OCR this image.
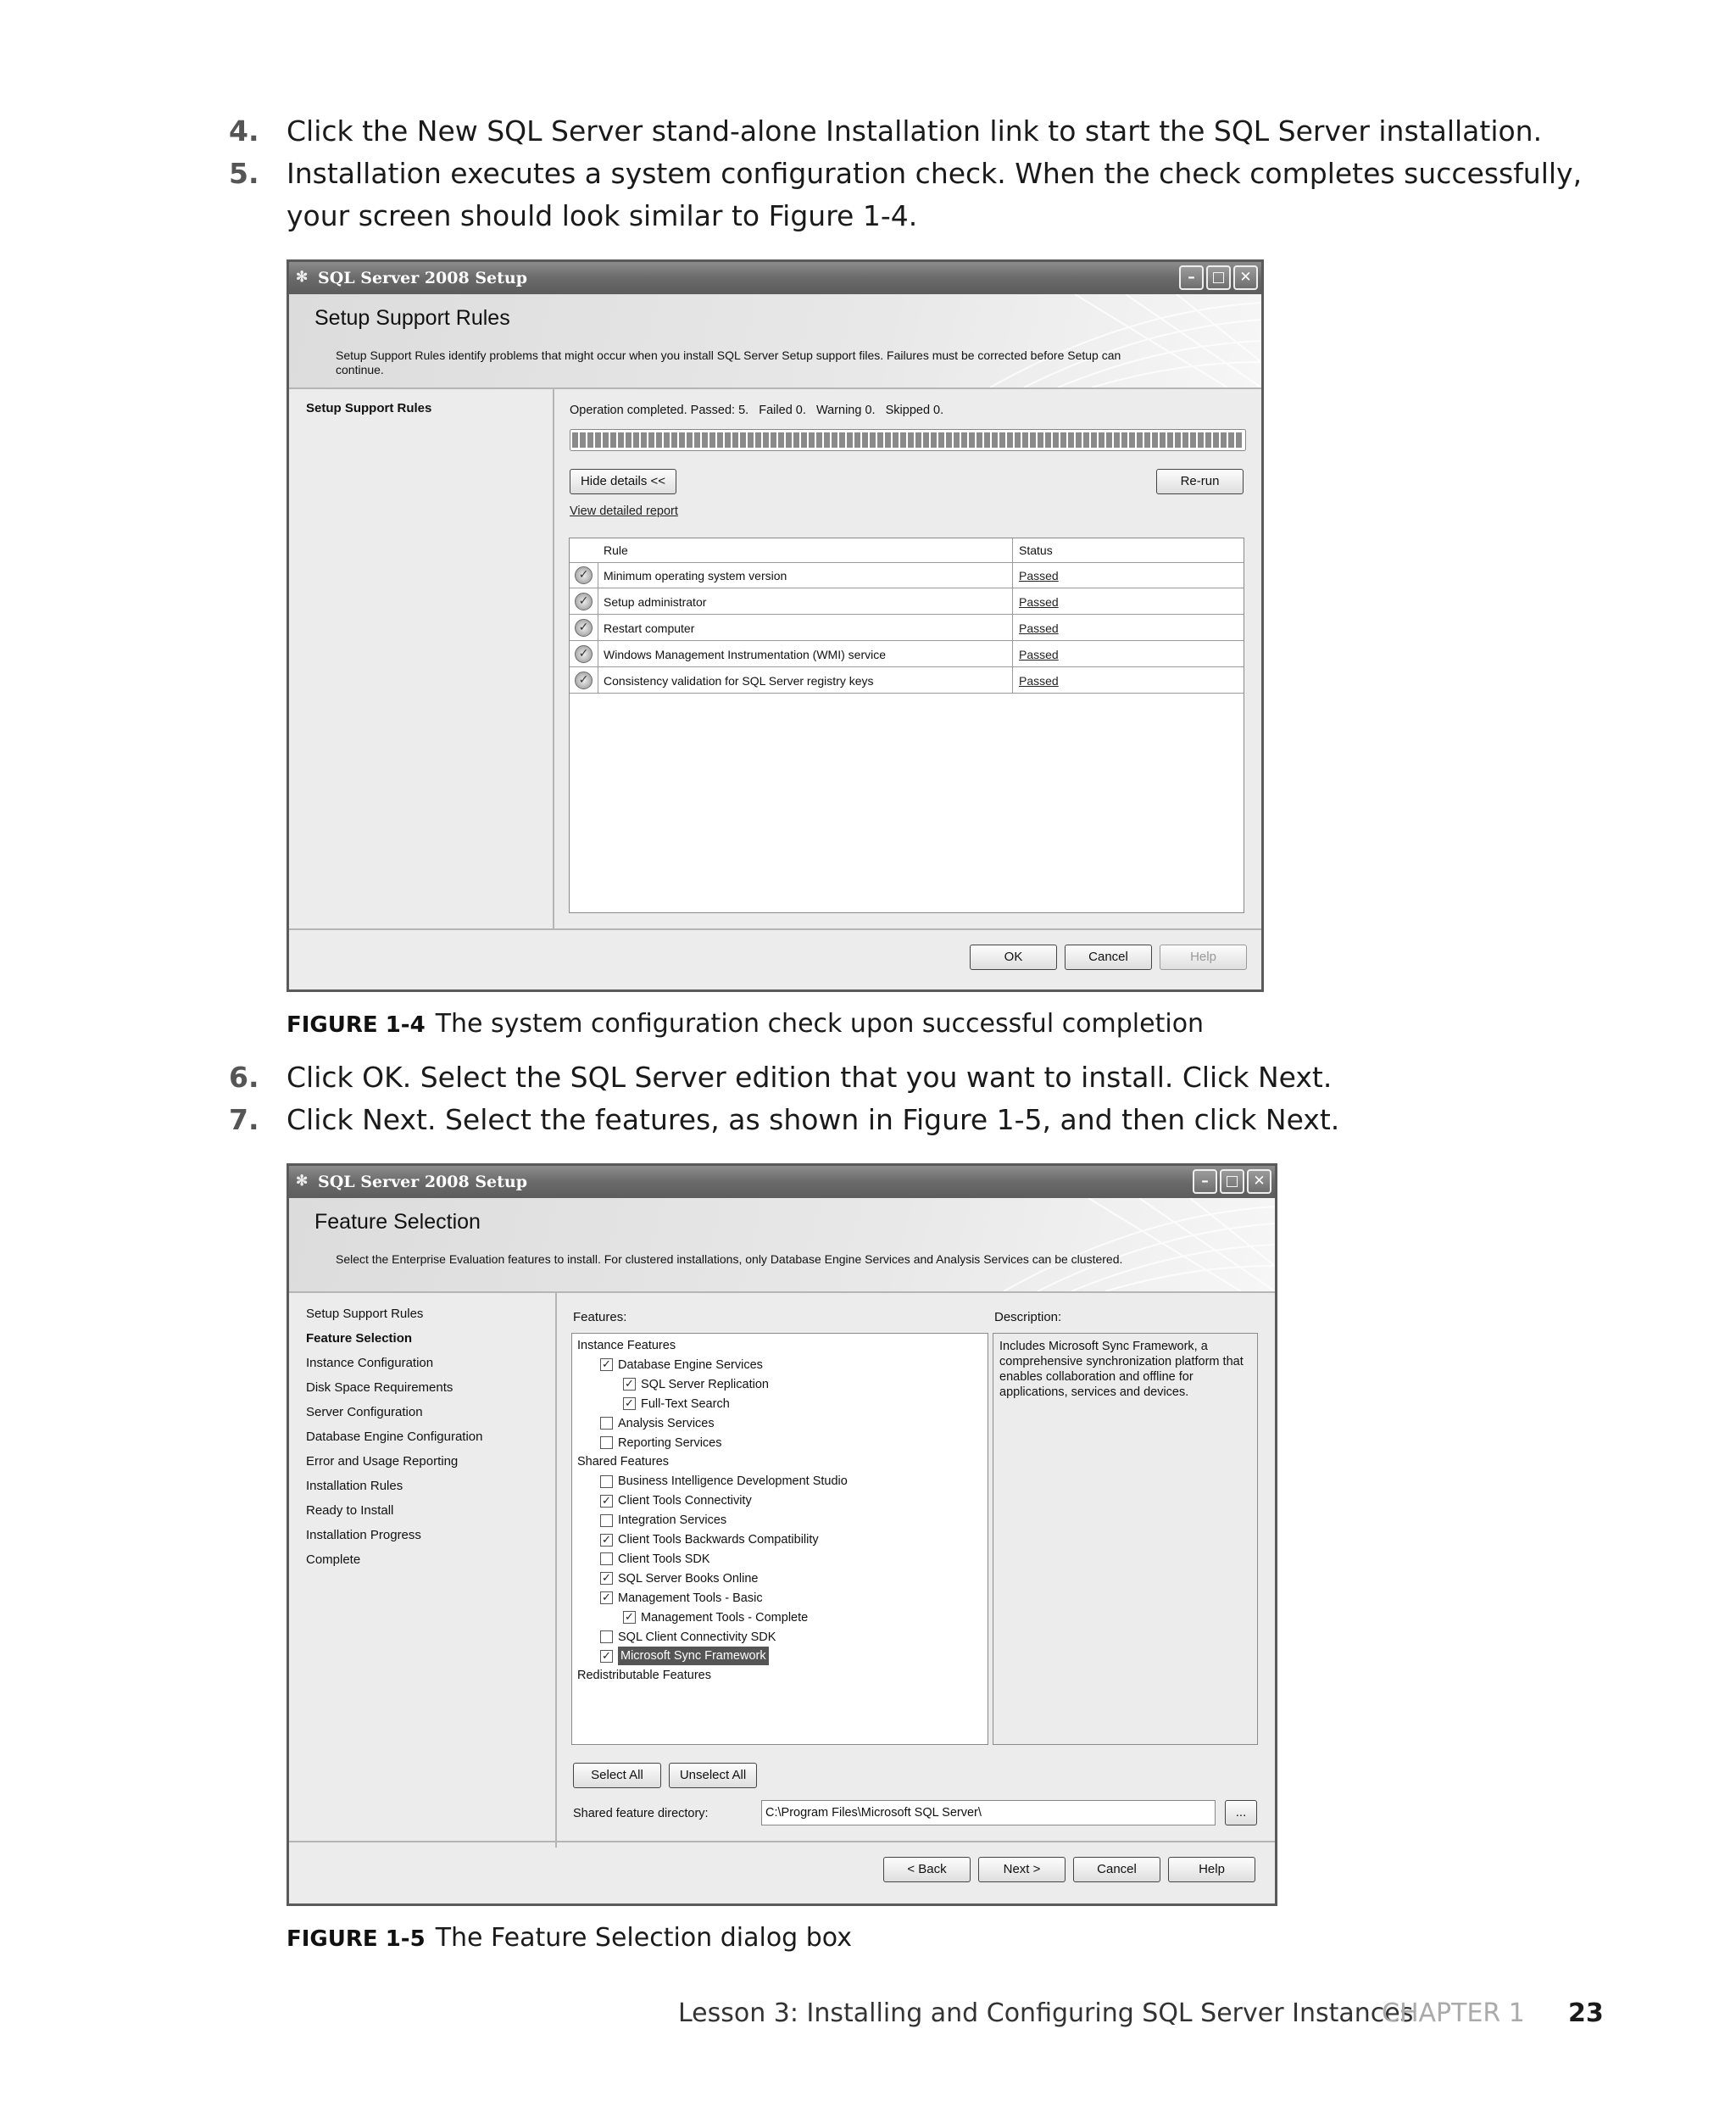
4. Click the New SQL Server stand-alone Installation link to start the SQL Server installation.
5. Installation executes a system configuration check. When the check completes successfully,
your screen should look similar to Figure 1-4.
✻ SQL Server 2008 Setup	–	□ ✕
Setup Support Rules
Setup Support Rules identify problems that might occur when you install SQL Server Setup support files. Failures must be corrected before Setup can continue.
Setup Support Rules	Operation completed. Passed: 5.   Failed 0.   Warning 0.   Skipped 0.
Hide details <<	Re-run
View detailed report
Rule	Status
✓	Minimum operating system version	Passed
✓	Setup administrator	Passed
✓	Restart computer	Passed
✓	Windows Management Instrumentation (WMI) service	Passed
✓	Consistency validation for SQL Server registry keys	Passed
OK	Cancel	Help
FIGURE 1-4 The system configuration check upon successful completion
6. Click OK. Select the SQL Server edition that you want to install. Click Next.
7. Click Next. Select the features, as shown in Figure 1-5, and then click Next.
✻ SQL Server 2008 Setup	–	□ ✕
Feature Selection
Select the Enterprise Evaluation features to install. For clustered installations, only Database Engine Services and Analysis Services can be clustered.
Setup Support Rules
Feature Selection
Instance Configuration
Disk Space Requirements
Server Configuration
Database Engine Configuration
Error and Usage Reporting
Installation Rules
Ready to Install
Installation Progress
Complete
Features:	Description:
Instance Features
✓ Database Engine Services
✓ SQL Server Replication
✓ Full-Text Search
Analysis Services
Reporting Services
Shared Features
Business Intelligence Development Studio
✓ Client Tools Connectivity
Integration Services
✓ Client Tools Backwards Compatibility
Client Tools SDK
✓ SQL Server Books Online
✓ Management Tools - Basic
✓ Management Tools - Complete
SQL Client Connectivity SDK
✓ Microsoft Sync Framework
Redistributable Features
Includes Microsoft Sync Framework, a comprehensive synchronization platform that enables collaboration and offline for applications, services and devices.
Select All	Unselect All
Shared feature directory:	C:\Program Files\Microsoft SQL Server\	...
< Back	Next >	Cancel	Help
FIGURE 1-5 The Feature Selection dialog box
Lesson 3: Installing and Configuring SQL Server Instances
CHAPTER 1 23
